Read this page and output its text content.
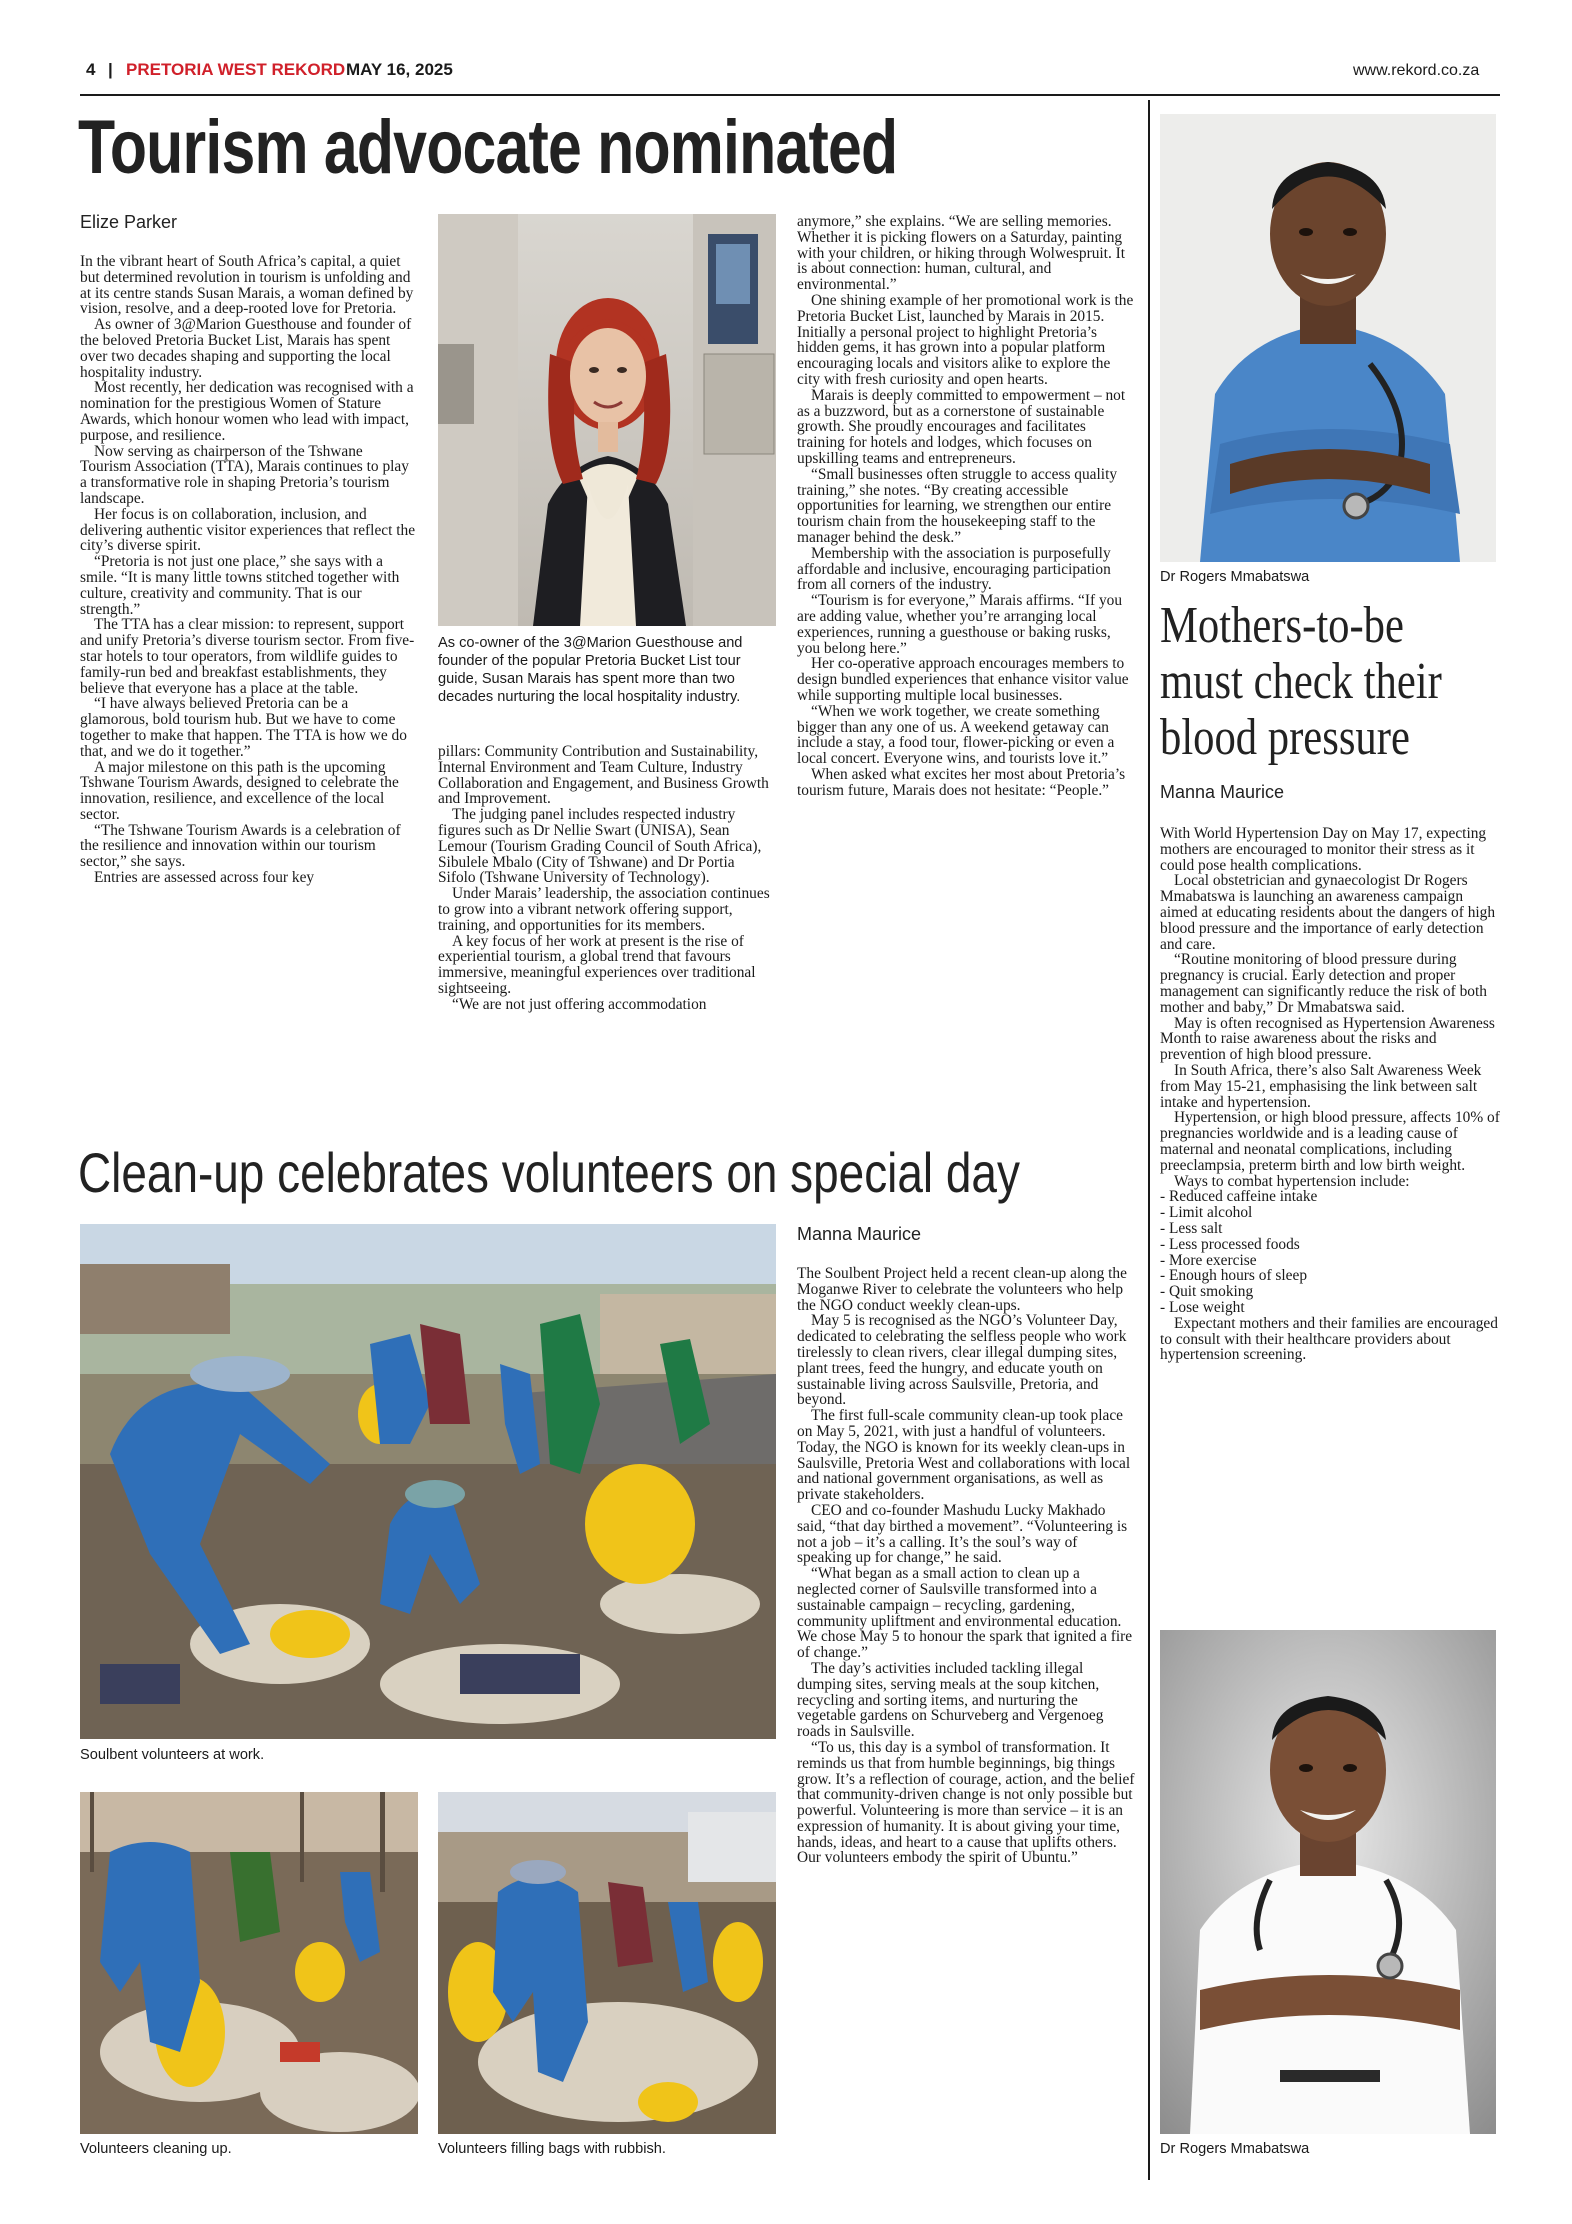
4 | PRETORIA WEST REKORD MAY 16, 2025	www.rekord.co.za
Tourism advocate nominated
Elize Parker

In the vibrant heart of South Africa’s capital, a quiet but determined revolution in tourism is unfolding and at its centre stands Susan Marais, a woman defined by vision, resolve, and a deep-rooted love for Pretoria.

As owner of 3@Marion Guesthouse and founder of the beloved Pretoria Bucket List, Marais has spent over two decades shaping and supporting the local hospitality industry.

Most recently, her dedication was recognised with a nomination for the prestigious Women of Stature Awards, which honour women who lead with impact, purpose, and resilience.

Now serving as chairperson of the Tshwane Tourism Association (TTA), Marais continues to play a transformative role in shaping Pretoria’s tourism landscape.

Her focus is on collaboration, inclusion, and delivering authentic visitor experiences that reflect the city’s diverse spirit.

“Pretoria is not just one place,” she says with a smile. “It is many little towns stitched together with culture, creativity and community. That is our strength.”

The TTA has a clear mission: to represent, support and unify Pretoria’s diverse tourism sector. From five-star hotels to tour operators, from wildlife guides to family-run bed and breakfast establishments, they believe that everyone has a place at the table.

“I have always believed Pretoria can be a glamorous, bold tourism hub. But we have to come together to make that happen. The TTA is how we do that, and we do it together.”

A major milestone on this path is the upcoming Tshwane Tourism Awards, designed to celebrate the innovation, resilience, and excellence of the local sector.

“The Tshwane Tourism Awards is a celebration of the resilience and innovation within our tourism sector,” she says.

Entries are assessed across four key

As co-owner of the 3@Marion Guesthouse and founder of the popular Pretoria Bucket List tour guide, Susan Marais has spent more than two decades nurturing the local hospitality industry.

pillars: Community Contribution and Sustainability, Internal Environment and Team Culture, Industry Collaboration and Engagement, and Business Growth and Improvement.

The judging panel includes respected industry figures such as Dr Nellie Swart (UNISA), Sean Lemour (Tourism Grading Council of South Africa), Sibulele Mbalo (City of Tshwane) and Dr Portia Sifolo (Tshwane University of Technology).

Under Marais’ leadership, the association continues to grow into a vibrant network offering support, training, and opportunities for its members.

A key focus of her work at present is the rise of experiential tourism, a global trend that favours immersive, meaningful experiences over traditional sightseeing.

“We are not just offering accommodation

anymore,” she explains. “We are selling memories. Whether it is picking flowers on a Saturday, painting with your children, or hiking through Wolwespruit. It is about connection: human, cultural, and environmental.”

One shining example of her promotional work is the Pretoria Bucket List, launched by Marais in 2015. Initially a personal project to highlight Pretoria’s hidden gems, it has grown into a popular platform encouraging locals and visitors alike to explore the city with fresh curiosity and open hearts.

Marais is deeply committed to empowerment – not as a buzzword, but as a cornerstone of sustainable growth. She proudly encourages and facilitates training for hotels and lodges, which focuses on upskilling teams and entrepreneurs.

“Small businesses often struggle to access quality training,” she notes. “By creating accessible opportunities for learning, we strengthen our entire tourism chain from the housekeeping staff to the manager behind the desk.”

Membership with the association is purposefully affordable and inclusive, encouraging participation from all corners of the industry.

“Tourism is for everyone,” Marais affirms. “If you are adding value, whether you’re arranging local experiences, running a guesthouse or baking rusks, you belong here.”

Her co-operative approach encourages members to design bundled experiences that enhance visitor value while supporting multiple local businesses.

“When we work together, we create something bigger than any one of us. A weekend getaway can include a stay, a food tour, flower-picking or even a local concert. Everyone wins, and tourists love it.”

When asked what excites her most about Pretoria’s tourism future, Marais does not hesitate: “People.”

Clean-up celebrates volunteers on special day
Soulbent volunteers at work.
Volunteers cleaning up.	Volunteers filling bags with rubbish.
Manna Maurice

The Soulbent Project held a recent clean-up along the Moganwe River to celebrate the volunteers who help the NGO conduct weekly clean-ups.

May 5 is recognised as the NGO’s Volunteer Day, dedicated to celebrating the selfless people who work tirelessly to clean rivers, clear illegal dumping sites, plant trees, feed the hungry, and educate youth on sustainable living across Saulsville, Pretoria, and beyond.

The first full-scale community clean-up took place on May 5, 2021, with just a handful of volunteers. Today, the NGO is known for its weekly clean-ups in Saulsville, Pretoria West and collaborations with local and national government organisations, as well as private stakeholders.

CEO and co-founder Mashudu Lucky Makhado said, “that day birthed a movement”. “Volunteering is not a job – it’s a calling. It’s the soul’s way of speaking up for change,” he said.

“What began as a small action to clean up a neglected corner of Saulsville transformed into a sustainable campaign – recycling, gardening, community upliftment and environmental education. We chose May 5 to honour the spark that ignited a fire of change.”

The day’s activities included tackling illegal dumping sites, serving meals at the soup kitchen, recycling and sorting items, and nurturing the vegetable gardens on Schurveberg and Vergenoeg roads in Saulsville.

“To us, this day is a symbol of transformation. It reminds us that from humble beginnings, big things grow. It’s a reflection of courage, action, and the belief that community-driven change is not only possible but powerful. Volunteering is more than service – it is an expression of humanity. It is about giving your time, hands, ideas, and heart to a cause that uplifts others. Our volunteers embody the spirit of Ubuntu.”

Dr Rogers Mmabatswa
Mothers-to-be
must check their
blood pressure
Manna Maurice

With World Hypertension Day on May 17, expecting mothers are encouraged to monitor their stress as it could pose health complications.

Local obstetrician and gynaecologist Dr Rogers Mmabatswa is launching an awareness campaign aimed at educating residents about the dangers of high blood pressure and the importance of early detection and care.

“Routine monitoring of blood pressure during pregnancy is crucial. Early detection and proper management can significantly reduce the risk of both mother and baby,” Dr Mmabatswa said.

May is often recognised as Hypertension Awareness Month to raise awareness about the risks and prevention of high blood pressure.

In South Africa, there’s also Salt Awareness Week from May 15-21, emphasising the link between salt intake and hypertension.

Hypertension, or high blood pressure, affects 10% of pregnancies worldwide and is a leading cause of maternal and neonatal complications, including preeclampsia, preterm birth and low birth weight.

Ways to combat hypertension include:

- Reduced caffeine intake

- Limit alcohol

- Less salt

- Less processed foods

- More exercise

- Enough hours of sleep

- Quit smoking

- Lose weight

Expectant mothers and their families are encouraged to consult with their healthcare providers about hypertension screening.

Dr Rogers Mmabatswa
